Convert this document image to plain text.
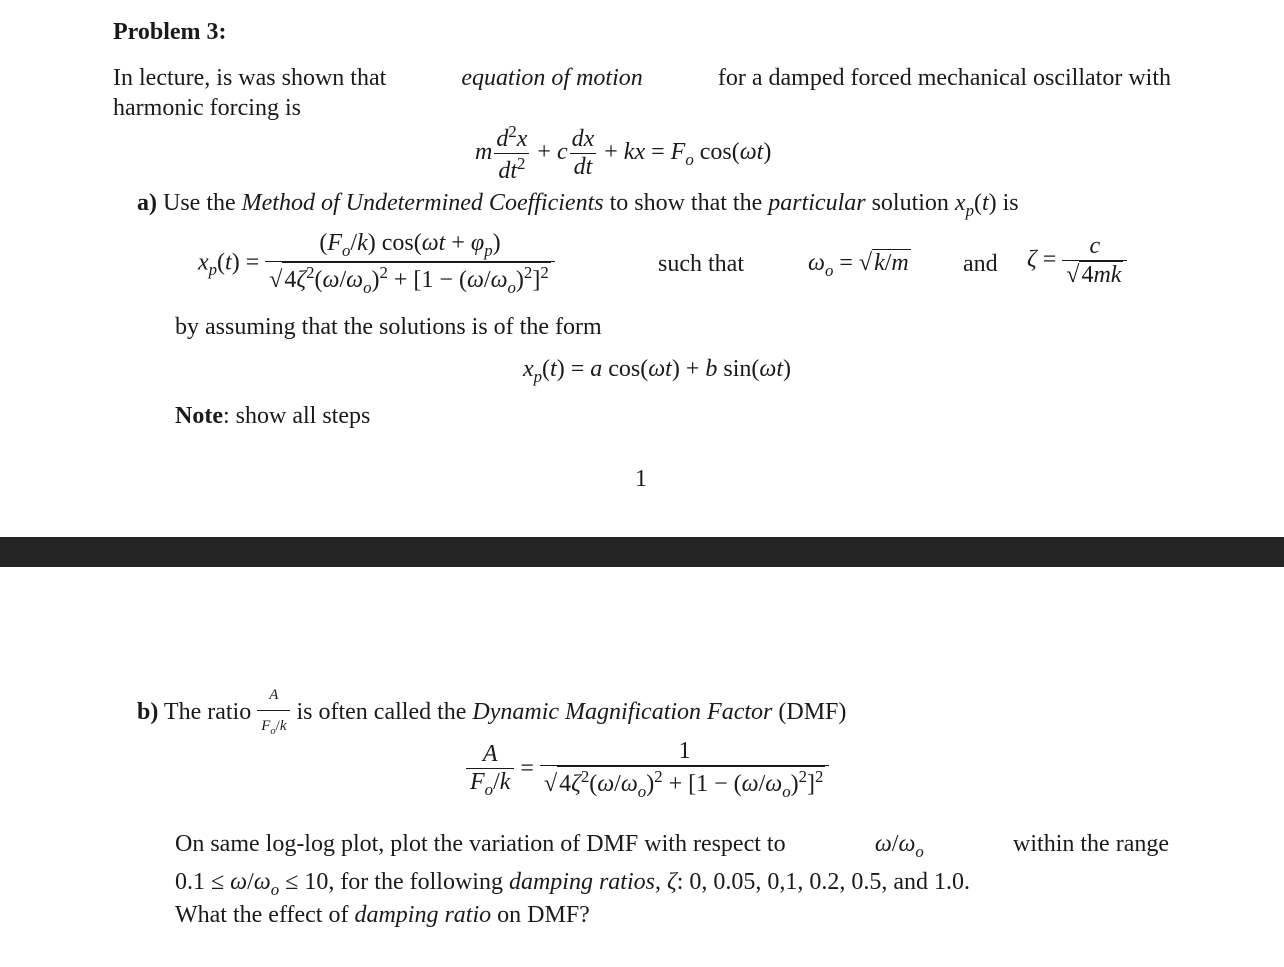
Problem 3:
In lecture, is was shown that	equation of motion	for a damped forced mechanical oscillator with
harmonic forcing is
m $\frac{d^2x}{dt^2} + c \frac{dx}{dt}$ + kx = $F_o$ cos(ωt)
a) Use the Method of Undetermined Coefficients to show that the particular solution $x_p(t)$ is
$x_p(t) = \frac{(F_o/k) \cos(\omega t + \varphi_p)}{√4\zeta^2(\omega/\omega_o)^2 + [1 - (\omega/\omega_o)^2]^2}$	such that	$\omega_o = √k/m$ and $\zeta = \frac{c}{√4mk}$
by assuming that the solutions is of the form
$x_p(t) = a$ cos(ωt) + b sin(ωt)
Note: show all steps
1
b) The ratio $\frac{A}{F_o/k}$ is often called the Dynamic Magnification Factor (DMF)
$\frac{A}{F_o/k} = \frac{1}{√4\zeta^2(\omega/\omega_o)^2 + [1 - (\omega/\omega_o)^2]^2}$
On same log-log plot, plot the variation of DMF with respect to	$\omega/\omega_o$	within the range
$0.1 \le \omega/\omega_o \le 10$, for the following damping ratios, ζ: 0, 0.05, 0,1, 0.2, 0.5, and 1.0.
What the effect of damping ratio on DMF?
